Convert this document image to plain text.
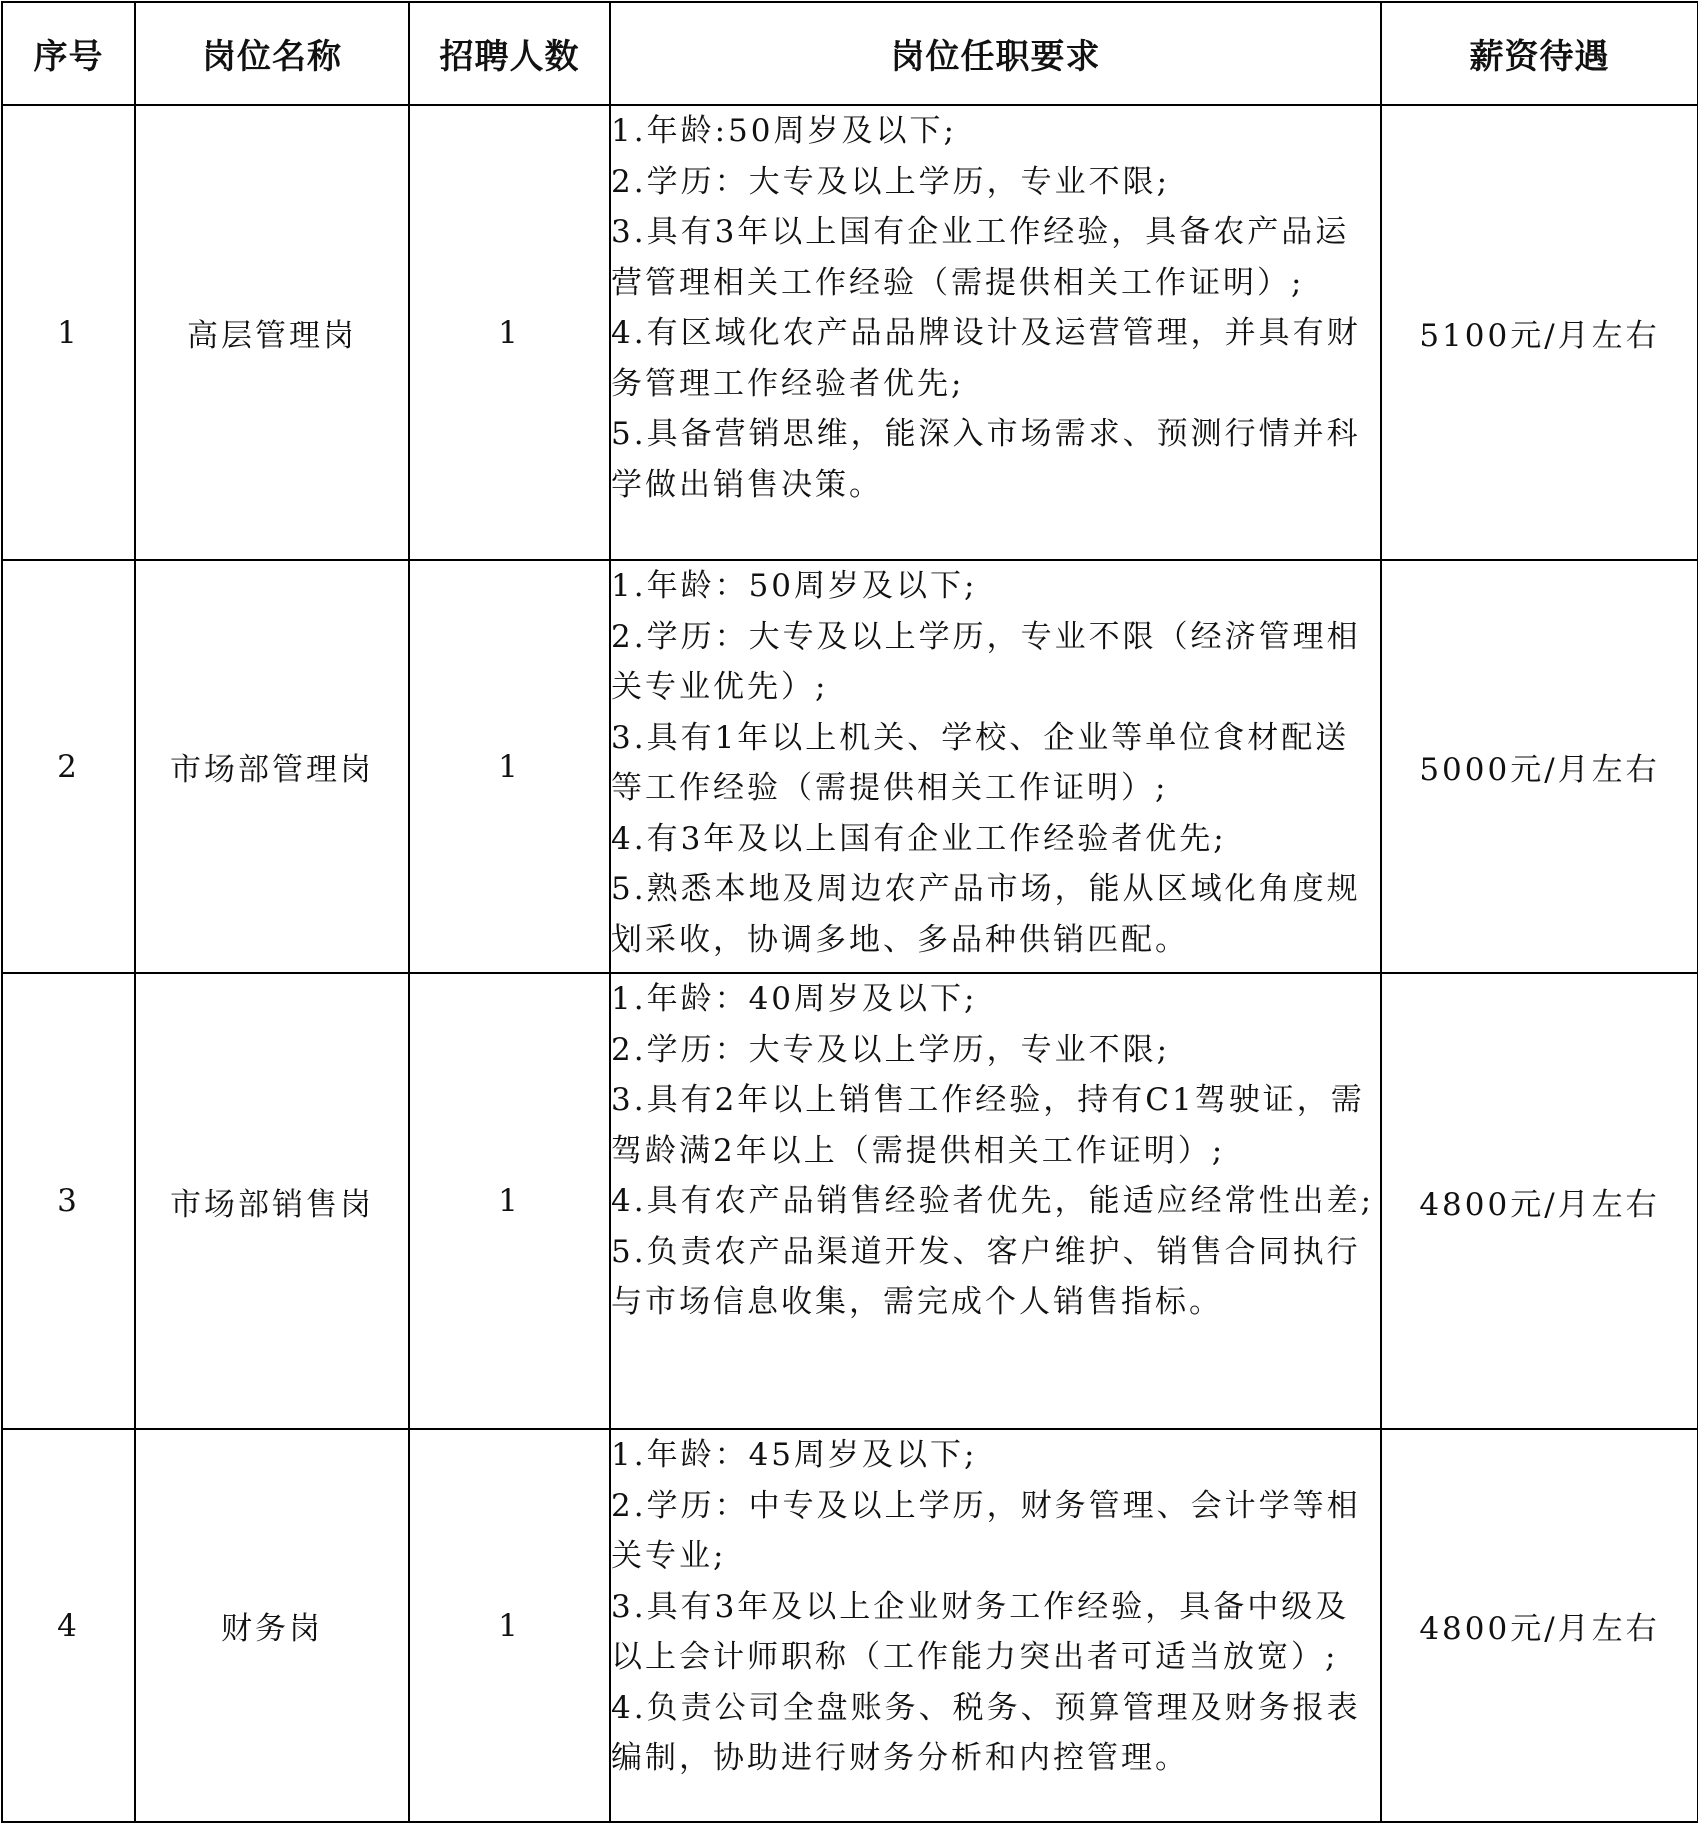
序号	岗位名称	招聘人数	岗位任职要求	薪资待遇
1	高层管理岗	1	1.年龄:50周岁及以下;
2.学历：大专及以上学历，专业不限;
3.具有3年以上国有企业工作经验，具备农产品运营管理相关工作经验（需提供相关工作证明）;
4.有区域化农产品品牌设计及运营管理，并具有财务管理工作经验者优先;
5.具备营销思维，能深入市场需求、预测行情并科学做出销售决策。	5100元/月左右
2	市场部管理岗	1	1.年龄：50周岁及以下;
2.学历：大专及以上学历，专业不限（经济管理相关专业优先）;
3.具有1年以上机关、学校、企业等单位食材配送等工作经验（需提供相关工作证明）;
4.有3年及以上国有企业工作经验者优先;
5.熟悉本地及周边农产品市场，能从区域化角度规划采收，协调多地、多品种供销匹配。	5000元/月左右
3	市场部销售岗	1	1.年龄：40周岁及以下;
2.学历：大专及以上学历，专业不限;
3.具有2年以上销售工作经验，持有C1驾驶证，需驾龄满2年以上（需提供相关工作证明）;
4.具有农产品销售经验者优先，能适应经常性出差;
5.负责农产品渠道开发、客户维护、销售合同执行与市场信息收集，需完成个人销售指标。	4800元/月左右
4	财务岗	1	1.年龄：45周岁及以下;
2.学历：中专及以上学历，财务管理、会计学等相关专业;
3.具有3年及以上企业财务工作经验，具备中级及以上会计师职称（工作能力突出者可适当放宽）;
4.负责公司全盘账务、税务、预算管理及财务报表编制，协助进行财务分析和内控管理。	4800元/月左右
